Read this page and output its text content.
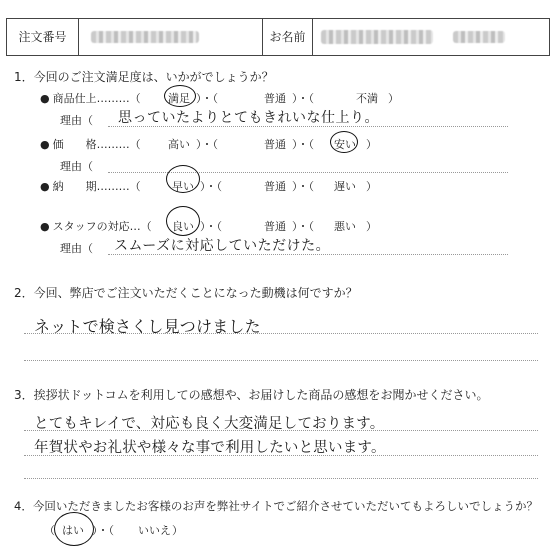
注文番号	お名前
1．今回のご注文満足度は、いかがでしょうか？
● 商品仕上………（ 満足 ）・（	普通 ）・（	不満 ）
理由（ 思っていたよりとてもきれいな仕上り。
● 価　　格………（ 高い ）・（	普通 ）・（ 安い ）
理由（
● 納　　期………（	早い ）・（	普通 ）・（ 遅い ）
● スタッフの対応…（ 良い ）・（	普通 ）・（ 悪い ）
理由（ スムーズに対応していただけた。
2．今回、弊店でご注文いただくことになった動機は何ですか？
ネットで検さくし見つけました
3．挨拶状ドットコムを利用しての感想や、お届けした商品の感想をお聞かせください。
とてもキレイで、対応も良く大変満足しております。
年賀状やお礼状や様々な事で利用したいと思います。
4．今回いただきましたお客様のお声を弊社サイトでご紹介させていただいてもよろしいでしょうか？
（ はい ）・（ いいえ ）
